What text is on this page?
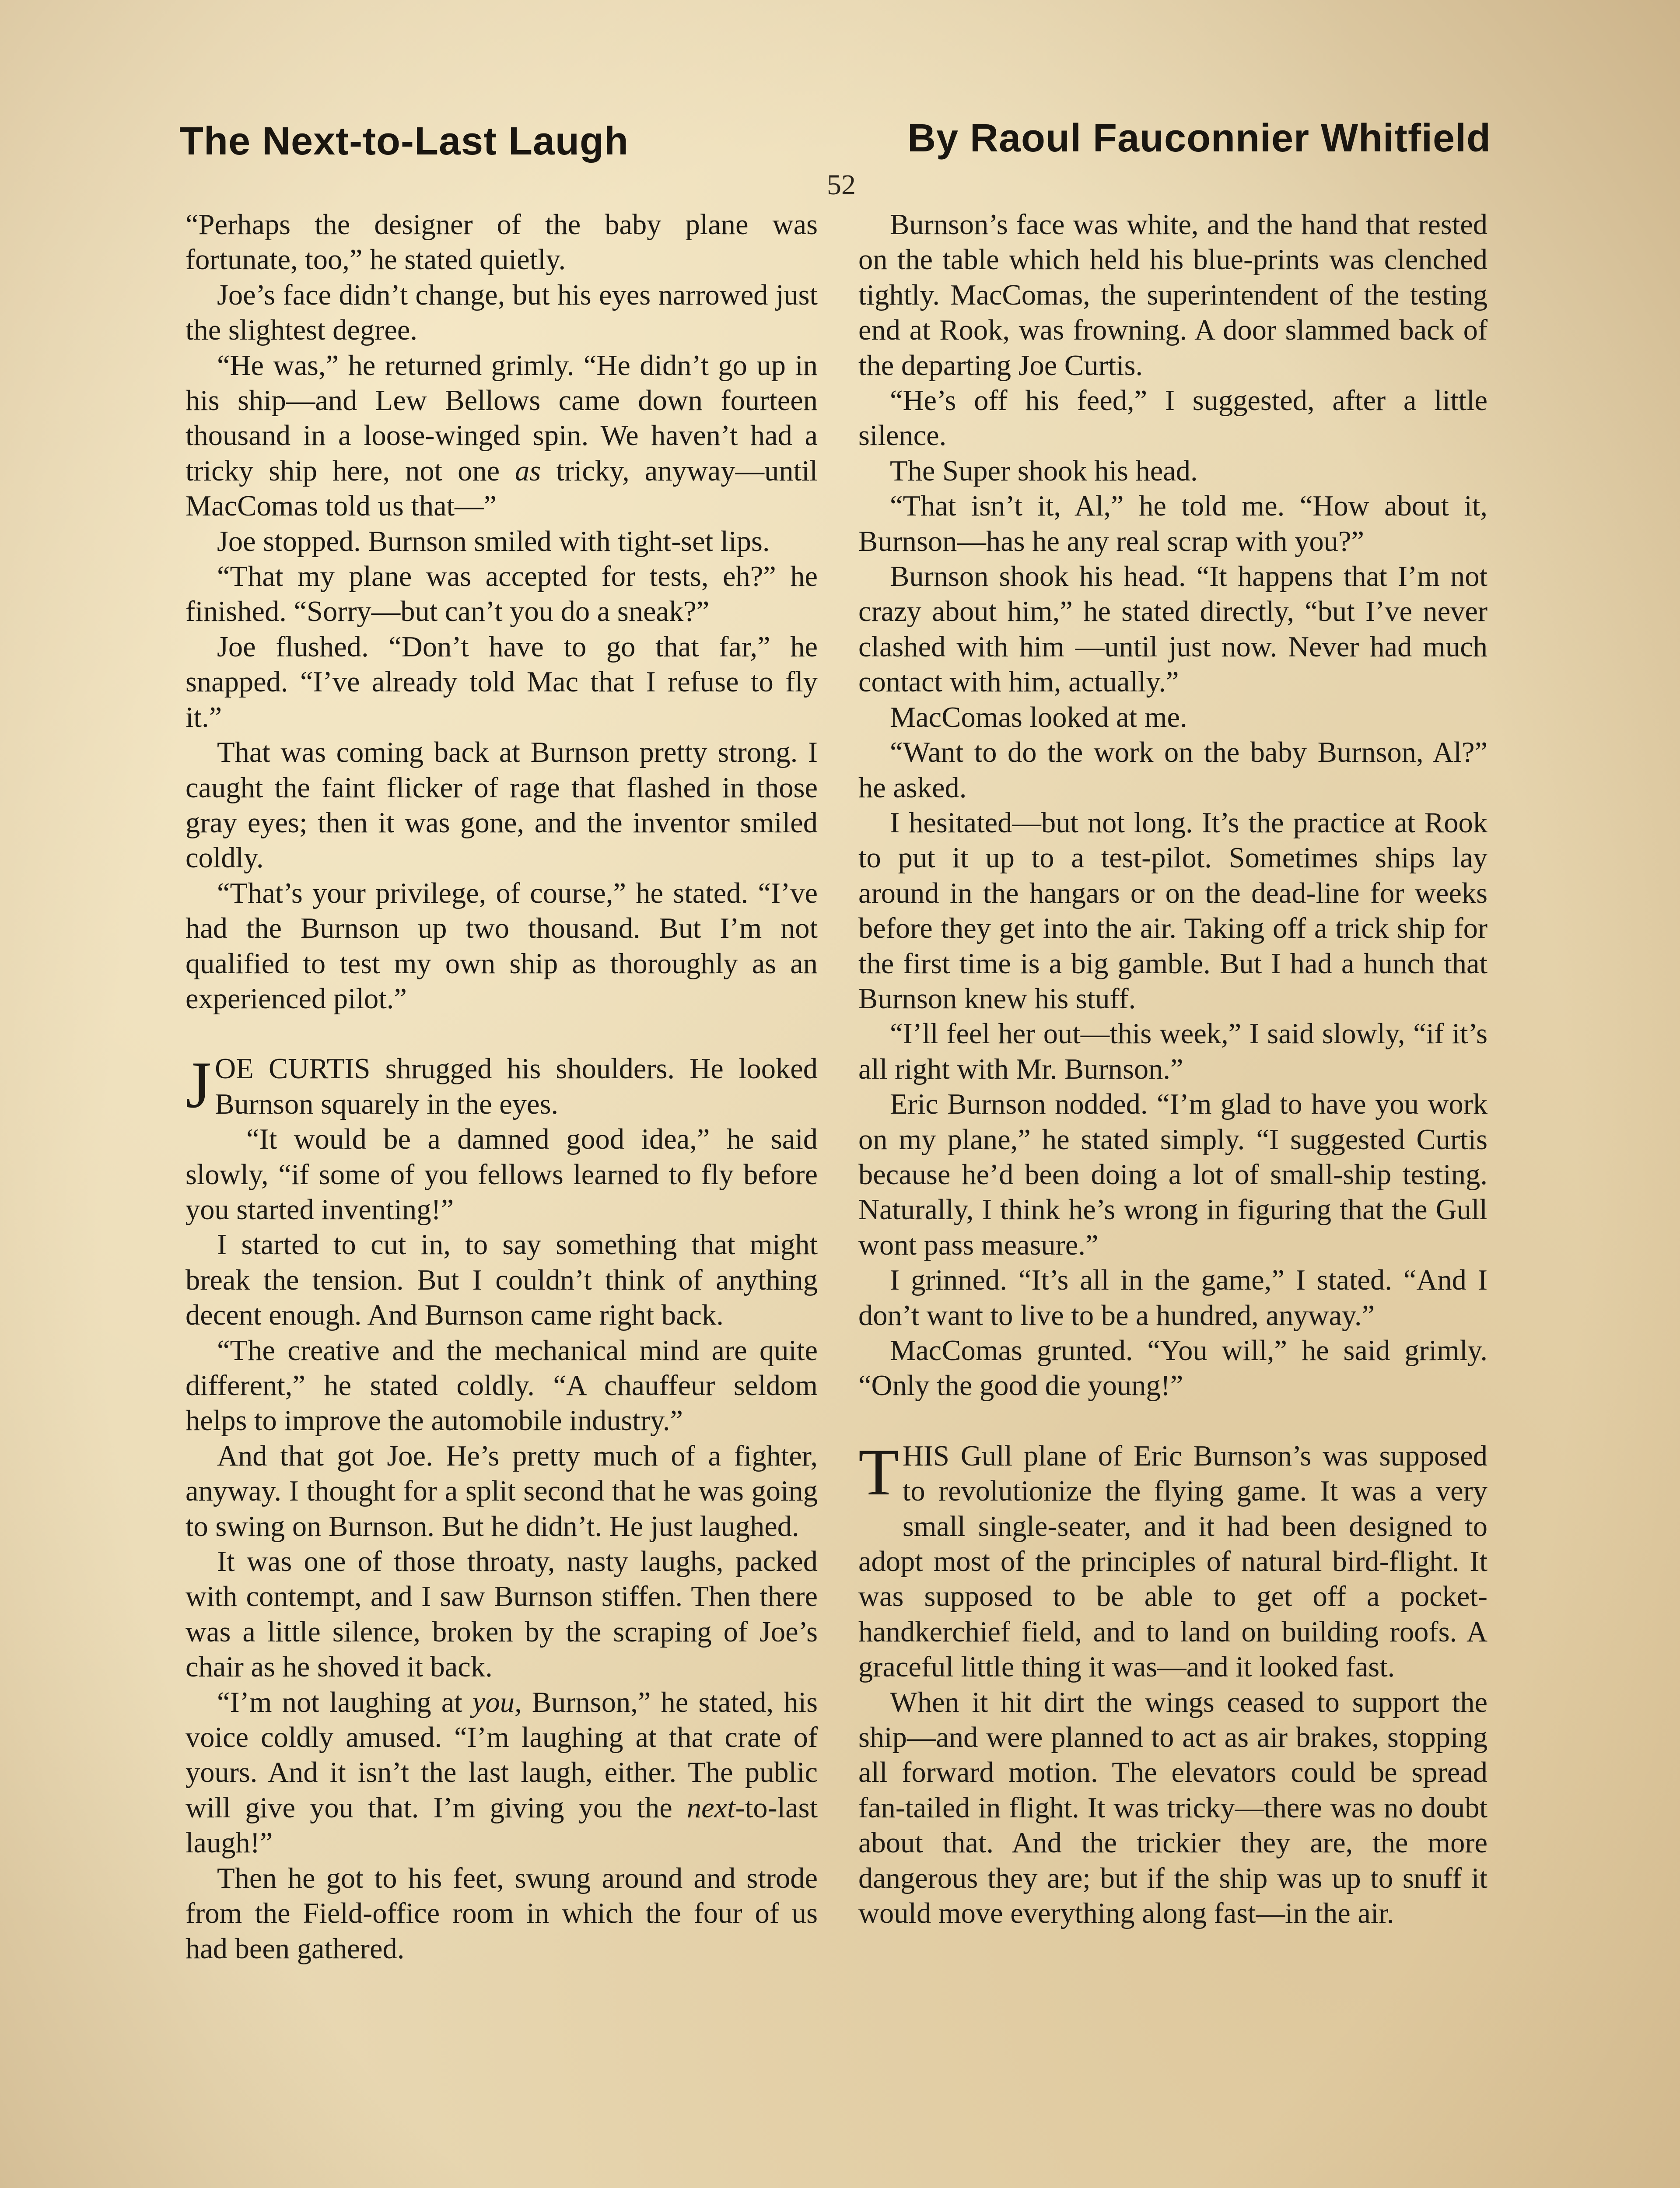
The Next-to-Last Laugh	By Raoul Fauconnier Whitfield
52

“Perhaps the designer of the baby plane was fortunate, too,” he stated quietly.

Joe’s face didn’t change, but his eyes narrowed just the slightest degree.

“He was,” he returned grimly. “He didn’t go up in his ship—and Lew Bellows came down fourteen thousand in a loose-winged spin. We haven’t had a tricky ship here, not one as tricky, anyway—until MacComas told us that—”

Joe stopped. Burnson smiled with tight-set lips.

“That my plane was accepted for tests, eh?” he finished. “Sorry—but can’t you do a sneak?”

Joe flushed. “Don’t have to go that far,” he snapped. “I’ve already told Mac that I refuse to fly it.”

That was coming back at Burnson pretty strong. I caught the faint flicker of rage that flashed in those gray eyes; then it was gone, and the inventor smiled coldly.

“That’s your privilege, of course,” he stated. “I’ve had the Burnson up two thousand. But I’m not qualified to test my own ship as thoroughly as an experienced pilot.”

JOE CURTIS shrugged his shoulders. He looked Burnson squarely in the eyes.

“It would be a damned good idea,” he said slowly, “if some of you fellows learned to fly before you started inventing!”

I started to cut in, to say something that might break the tension. But I couldn’t think of anything decent enough. And Burnson came right back.

“The creative and the mechanical mind are quite different,” he stated coldly. “A chauffeur seldom helps to improve the automobile industry.”

And that got Joe. He’s pretty much of a fighter, anyway. I thought for a split second that he was going to swing on Burnson. But he didn’t. He just laughed.

It was one of those throaty, nasty laughs, packed with contempt, and I saw Burnson stiffen. Then there was a little silence, broken by the scraping of Joe’s chair as he shoved it back.

“I’m not laughing at you, Burnson,” he stated, his voice coldly amused. “I’m laughing at that crate of yours. And it isn’t the last laugh, either. The public will give you that. I’m giving you the next-to-last laugh!”

Then he got to his feet, swung around and strode from the Field-office room in which the four of us had been gathered.

Burnson’s face was white, and the hand that rested on the table which held his blue-prints was clenched tightly. MacComas, the superintendent of the testing end at Rook, was frowning. A door slammed back of the departing Joe Curtis.

“He’s off his feed,” I suggested, after a little silence.

The Super shook his head.

“That isn’t it, Al,” he told me. “How about it, Burnson—has he any real scrap with you?”

Burnson shook his head. “It happens that I’m not crazy about him,” he stated directly, “but I’ve never clashed with him —until just now. Never had much contact with him, actually.”

MacComas looked at me.

“Want to do the work on the baby Burnson, Al?” he asked.

I hesitated—but not long. It’s the practice at Rook to put it up to a test-pilot. Sometimes ships lay around in the hangars or on the dead-line for weeks before they get into the air. Taking off a trick ship for the first time is a big gamble. But I had a hunch that Burnson knew his stuff.

“I’ll feel her out—this week,” I said slowly, “if it’s all right with Mr. Burnson.”

Eric Burnson nodded. “I’m glad to have you work on my plane,” he stated simply. “I suggested Curtis because he’d been doing a lot of small-ship testing. Naturally, I think he’s wrong in figuring that the Gull wont pass measure.”

I grinned. “It’s all in the game,” I stated. “And I don’t want to live to be a hundred, anyway.”

MacComas grunted. “You will,” he said grimly. “Only the good die young!”

THIS Gull plane of Eric Burnson’s was supposed to revolutionize the flying game. It was a very small single-seater, and it had been designed to adopt most of the principles of natural bird-flight. It was supposed to be able to get off a pocket-handkerchief field, and to land on building roofs. A graceful little thing it was—and it looked fast.

When it hit dirt the wings ceased to support the ship—and were planned to act as air brakes, stopping all forward motion. The elevators could be spread fan-tailed in flight. It was tricky—there was no doubt about that. And the trickier they are, the more dangerous they are; but if the ship was up to snuff it would move everything along fast—in the air.
